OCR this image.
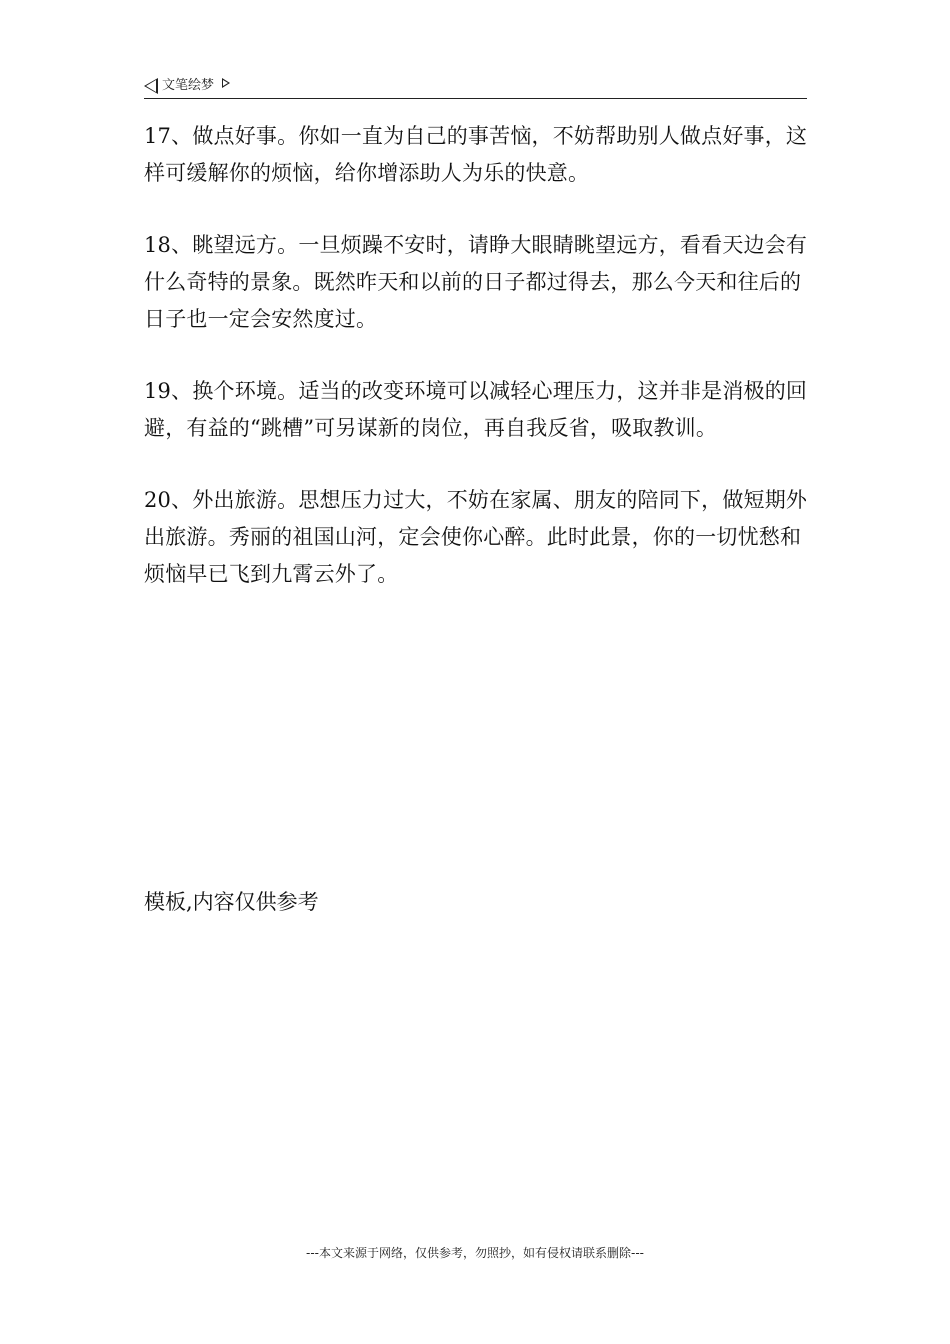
文笔绘梦

17、做点好事。你如一直为自己的事苦恼，不妨帮助别人做点好事，这样可缓解你的烦恼，给你增添助人为乐的快意。

18、眺望远方。一旦烦躁不安时，请睁大眼睛眺望远方，看看天边会有什么奇特的景象。既然昨天和以前的日子都过得去，那么今天和往后的日子也一定会安然度过。

19、换个环境。适当的改变环境可以减轻心理压力，这并非是消极的回避，有益的“跳槽”可另谋新的岗位，再自我反省，吸取教训。

20、外出旅游。思想压力过大，不妨在家属、朋友的陪同下，做短期外出旅游。秀丽的祖国山河，定会使你心醉。此时此景，你的一切忧愁和烦恼早已飞到九霄云外了。

模板,内容仅供参考
---本文来源于网络，仅供参考，勿照抄，如有侵权请联系删除---
